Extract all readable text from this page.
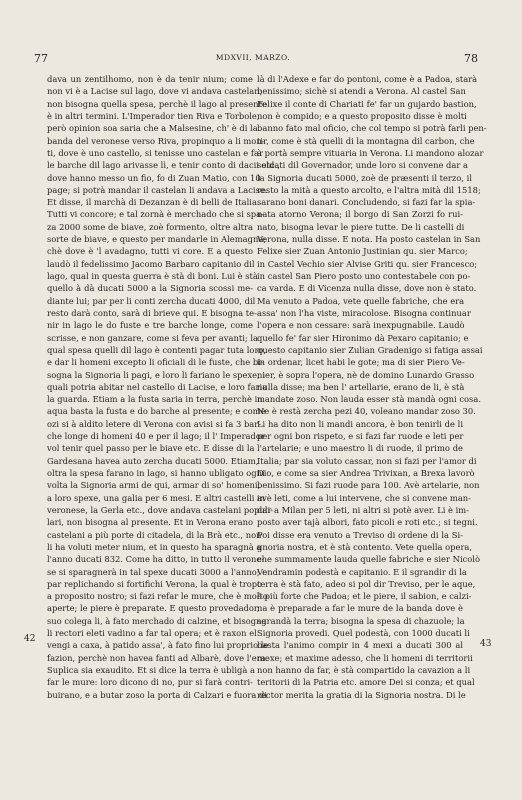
77	MDXVII, MARZO.	78
dava un zentilhomo, non è da tenir nium; come
non vi è a Lacise sul lago, dove vi andava castelan;
non bisogna quella spesa, perchè il lago al presente
è in altri termini. L'Imperador tien Riva e Torbole,
però opinion soa saria che a Malsesine, ch' è di la
banda del veronese verso Riva, propinquo a li mon-
ti, dove è uno castello, si tenisse uno castelan e far
le barche dil lago arivasse lì, e tenir conto di dacii etc.,
dove hanno messo un fio, fo di Zuan Matio, con 10
page; si potrà mandar il castelan li andava a Lacise.
Et disse, il marchà di Dezanzan è di belli de Italia.
Tutti vi concore; e tal zornà è merchado che si spa-
za 2000 some de biave, zoè formento, oltre altra
sorte de biave, e questo per mandarle in Alemagna;
chè dove è 'l avadagno, tutti vi core. E a questo
laudò il fedelissimo Jacomo Barbaro capitanio dil
lago, qual in questa guerra è stà di boni. Lui è stà
quello à dà ducati 5000 a la Signoria scossi me-
diante lui; par per li conti zercha ducati 4000, dil
resto darà conto, sarà di brieve qui. E bisogna te-
nir in lago le do fuste e tre barche longe, come
scrisse, e non ganzare, come si feva per avanti; la
qual spesa quelli dil lago è contenti pagar tuta loro,
e dar li homeni excepto li oficiali di le fuste, che bi-
sogna la Signoria li pagi, e loro li fariano le spexe, i
quali potria abitar nel castello di Lacise, e loro faria
la guarda. Etiam a la fusta saria in terra, perchè in
aqua basta la fusta e do barche al presente; e come
ozi si à aldito letere di Verona con avisi si fa 3 bar-
che longe di homeni 40 e per il lago; il l' Imperador
vol tenir quel passo per le biave etc. E disse di la
Gardesana havea auto zercha ducati 5000. Etiam,
oltra la spesa farano in lago, si hanno ubligato ogni
volta la Signoria armi de qui, armar di so' homeni,
a loro spexe, una galia per 6 mesi. E altri castelli in
veronese, la Gerla etc., dove andava castelani populi-
lari, non bisogna al presente. Et in Verona erano
castelani a più porte di citadela, di la Brà etc., non
li ha voluti meter nium, et in questo ha sparagnà a
l'anno ducati 832. Come ha ditto, in tutto il verone-
se si sparagnerà in tal spexe ducati 3000 a l'anno; e
par replichando si fortifichi Verona, la qual è tropo
a proposito nostro; si fazi refar le mure, che è molto
aperte; le piere è preparate. E questo provedador,
suo colega li, à fato merchado di calzine, et bisogna
li rectori eleti vadino a far tal opera; et è raxon el
vengi a caxa, à patido assa', à fato fino lui proprio le
fazion, perchè non havea fanti ad Albarè, dove l'era.
Suplica sia exaudito. Et si dice la terra è ubligà a
far le mure: loro dicono di no, pur si farà contri-
buirano, e a butar zoso la porta di Calzari e fuora di
là di l'Adexe e far do pontoni, come è a Padoa, starà
benissimo; sichè si atendi a Verona. Al castel San
Felixe il conte di Chariati fe' far un gujardo bastion,
non è compido; e a questo proposito disse è molti
banno fato mal oficio, che col tempo si potrà farli pen-
tir, come è stà quelli di la montagna dil carbon, che
à portà sempre vituaria in Verona. Li mandono alozar
soldati dil Governador, unde loro si convene dar a
la Signoria ducati 5000, zoè de præsenti il terzo, il
resto la mità a questo arcolto, e l'altra mità dil 1518;
sarano boni danari. Concludendo, si fazi far la spia-
nata atorno Verona; il borgo di San Zorzi fo rui-
nato, bisogna levar le piere tutte. De li castelli di
Verona, nulla disse. E nota. Ha posto castelan in San
Felixe sier Zuan Antonio Justinian qu. sier Marco;
in Castel Vechio sier Alvise Griti qu. sier Francesco;
in castel San Piero posto uno contestabele con po-
ca varda. E di Vicenza nulla disse, dove non è stato.
Ma venuto a Padoa, vete quelle fabriche, che era
assa' non l'ha viste, miracolose. Bisogna continuar
l'opera e non cessare: sarà inexpugnabile. Laudò
quello fe' far sier Hironimo dà Pexaro capitanio; e
questo capitanio sier Zulian Gradenigo si fatiga assai
in ordenar, licet habi le gote; ma di sier Piero Ve-
nier, è sopra l'opera, nè de domino Lunardo Grasso
nulla disse; ma ben l' artellarie, erano de li, è stà
mandate zoso. Non lauda esser stà mandà ogni cosa.
Ne è restà zercha pezi 40, voleano mandar zoso 30.
Li ha dito non li mandi ancora, è bon tenirli de li
per ogni bon rispeto, e si fazi far ruode e leti per
l'artelarie; e uno maestro li di ruode, il primo de
Italia; par sia voluto cassar, non si fazi per l'amor di
Dio, e come sa sier Andrea Trivixan, a Brexa lavorò
benissimo. Si fazi ruode para 100. Avè artelarie, non
avè leti, come a lui intervene, che si convene man-
dar a Milan per 5 leti, ni altri si potè aver. Li è im-
posto aver tajà albori, fato picoli e roti etc.; si tegni.
Poi disse era venuto a Treviso di ordene di la Si-
gnoria nostra, et è stà contento. Vete quella opera,
che summamente lauda quelle fabriche e sier Nicolò
Vendramin podestà e capitanio. E il sgrandir di la
terra è stà fato, adeo si pol dir Treviso, per le aque,
è più forte che Padoa; et le piere, il sabion, e calzi-
na è preparade a far le mure de la banda dove è
sgrandà la terra; bisogna la spesa di chazuole; la
Signoria provedi. Quel podestà, con 1000 ducati li
basta l'animo compir in 4 mexi a ducati 300 al
mexe; et maxime adesso, che li homeni di territorii
non hanno da far, è stà compartido la cavazion a li
teritorii di la Patria etc. amore Dei si conza; et qual
rector merita la gratia di la Signoria nostra. Di le
42	43
